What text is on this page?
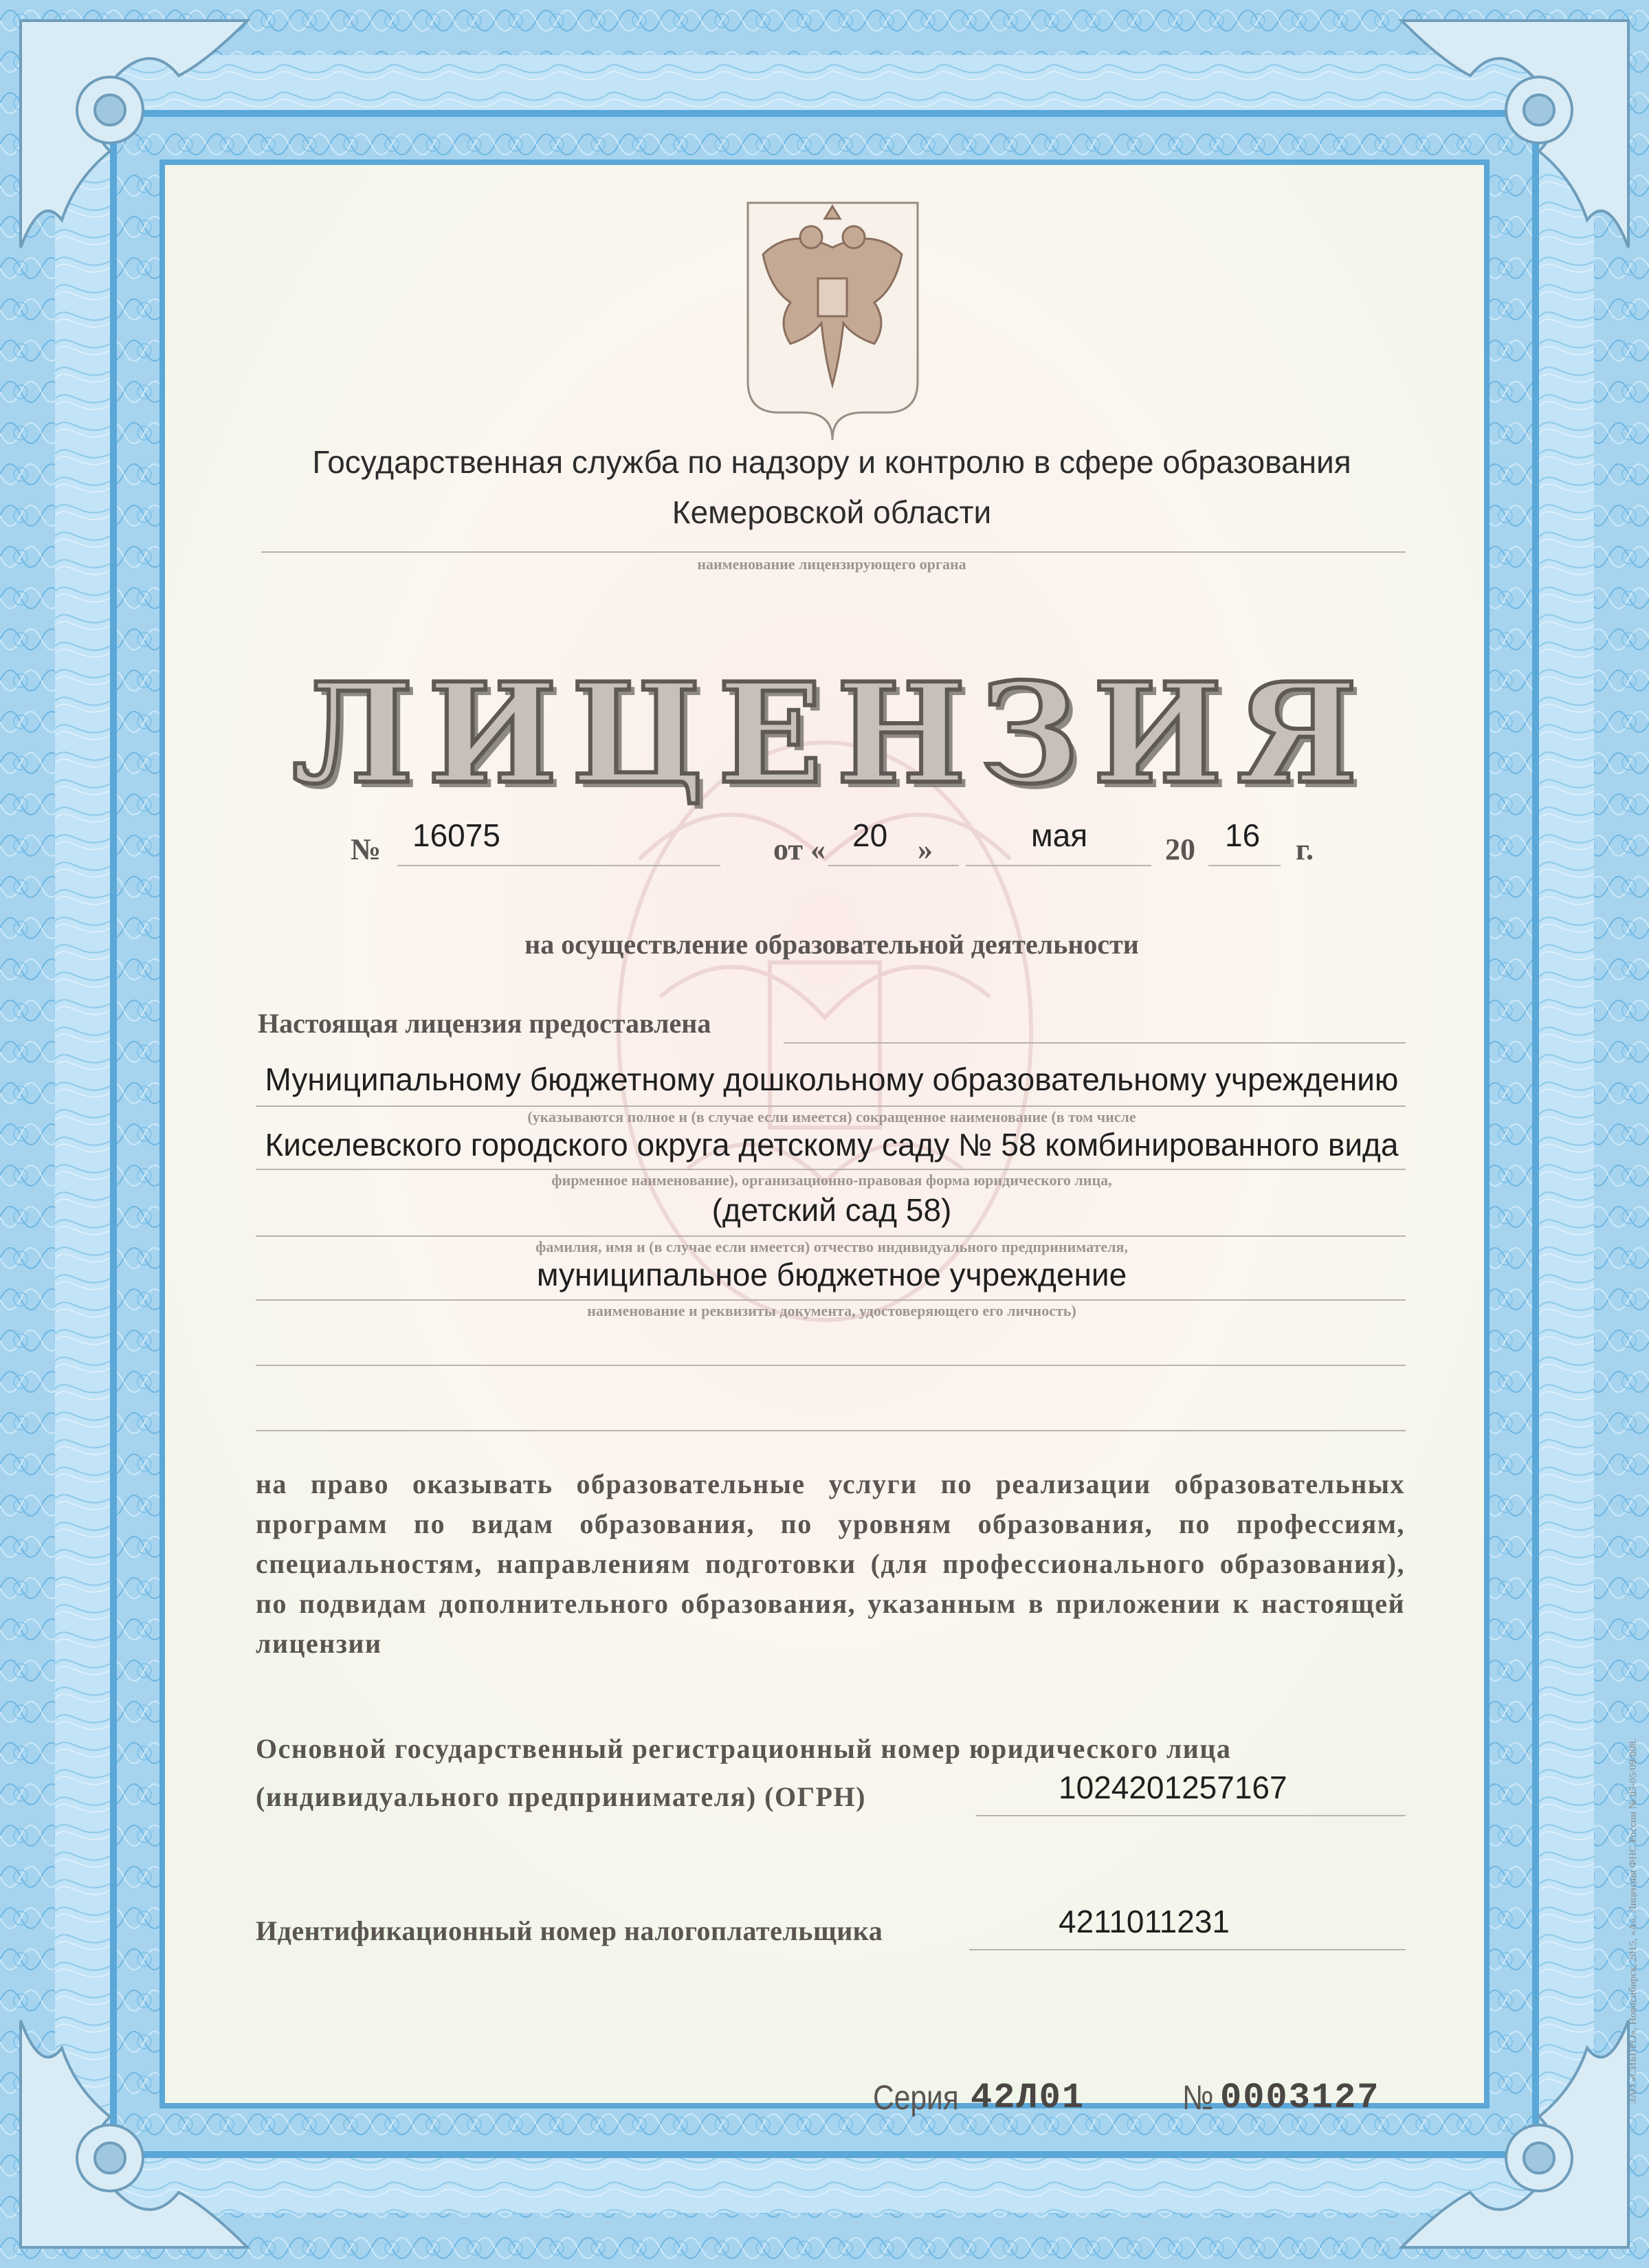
Государственная служба по надзору и контролю в сфере образования
Кемеровской области
наименование лицензирующего органа
ЛИЦЕНЗИЯ
№ 16075	от « 20 »	мая	20 16 г.
на осуществление образовательной деятельности
Настоящая лицензия предоставлена
Муниципальному бюджетному дошкольному образовательному учреждению
(указываются полное и (в случае если имеется) сокращенное наименование (в том числе
Киселевского городского округа детскому саду № 58 комбинированного вида
фирменное наименование), организационно-правовая форма юридического лица,
(детский сад 58)
фамилия, имя и (в случае если имеется) отчество индивидуального предпринимателя,
муниципальное бюджетное учреждение
наименование и реквизиты документа, удостоверяющего его личность)
на право оказывать образовательные услуги по реализации образовательных программ по видам образования, по уровням образования, по профессиям, специальностям, направлениям подготовки (для профессионального образования), по подвидам дополнительного образования, указанным в приложении к настоящей лицензии
Основной государственный регистрационный номер юридического лица
(индивидуального предпринимателя) (ОГРН)	1024201257167
Идентификационный номер налогоплательщика	4211011231
Серия 42Л01	№ 0003127	ЗАО «СИБПРО», Новосибирск, 2015, «А». Лицензия ФНС России № 05-05/09/008.
